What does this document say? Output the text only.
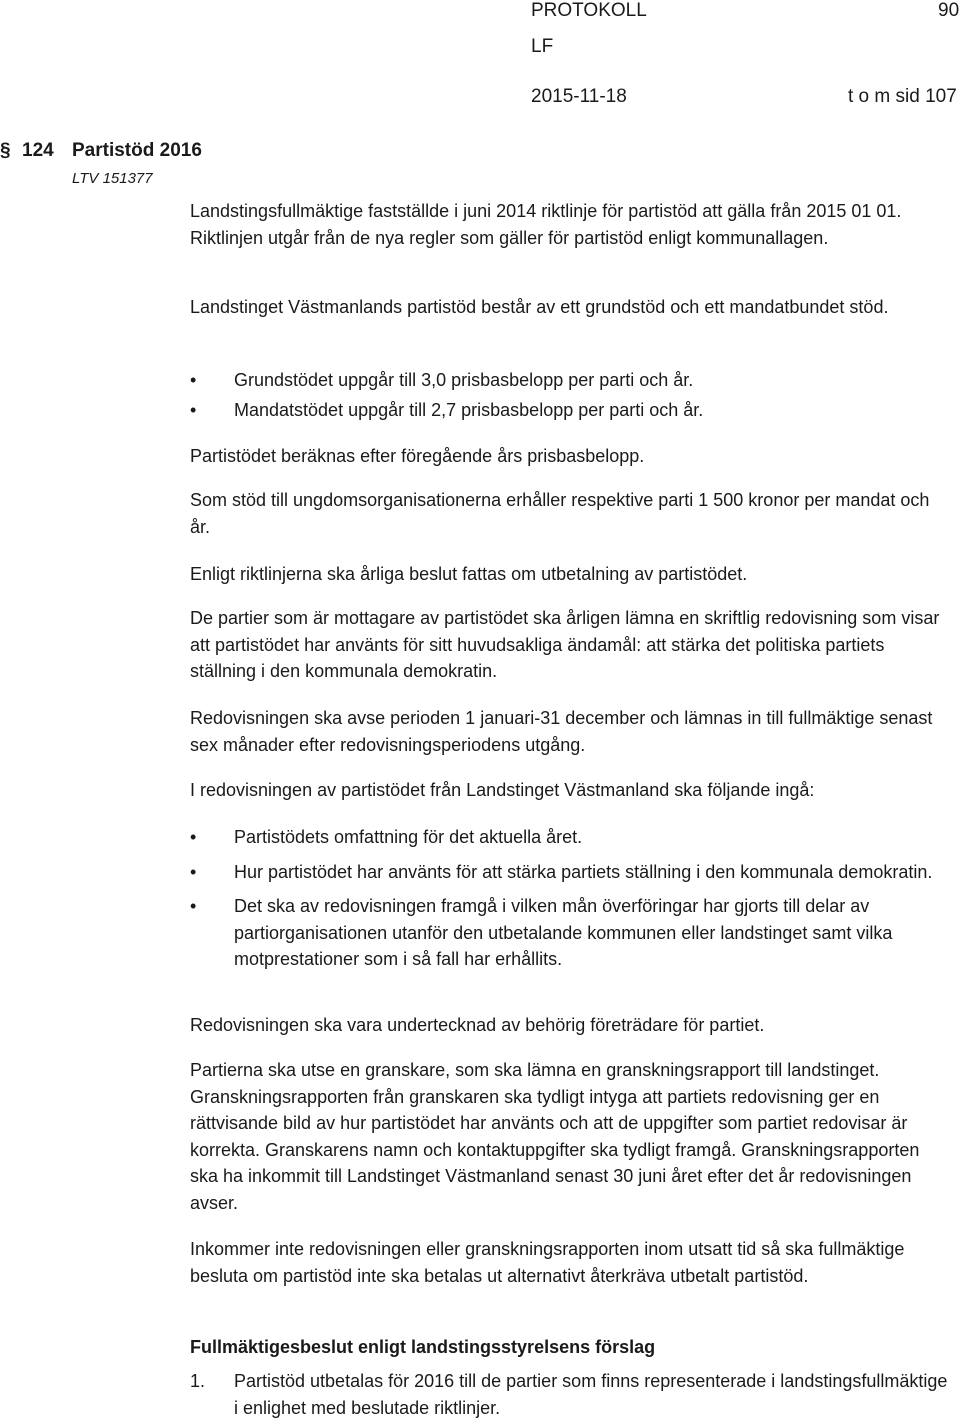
PROTOKOLL	90
LF
2015-11-18	t o m sid 107
§ 124 Partistöd 2016
LTV 151377

Landstingsfullmäktige fastställde i juni 2014 riktlinje för partistöd att gälla från 2015 01 01. Riktlinjen utgår från de nya regler som gäller för partistöd enligt kommunallagen.

Landstinget Västmanlands partistöd består av ett grundstöd och ett mandatbundet stöd.

• Grundstödet uppgår till 3,0 prisbasbelopp per parti och år.
• Mandatstödet uppgår till 2,7 prisbasbelopp per parti och år.

Partistödet beräknas efter föregående års prisbasbelopp.

Som stöd till ungdomsorganisationerna erhåller respektive parti 1 500 kronor per mandat och år.

Enligt riktlinjerna ska årliga beslut fattas om utbetalning av partistödet.

De partier som är mottagare av partistödet ska årligen lämna en skriftlig redovisning som visar att partistödet har använts för sitt huvudsakliga ändamål: att stärka det politiska partiets ställning i den kommunala demokratin.

Redovisningen ska avse perioden 1 januari-31 december och lämnas in till fullmäktige senast sex månader efter redovisningsperiodens utgång.

I redovisningen av partistödet från Landstinget Västmanland ska följande ingå:

• Partistödets omfattning för det aktuella året.
• Hur partistödet har använts för att stärka partiets ställning i den kommunala demokratin.
• Det ska av redovisningen framgå i vilken mån överföringar har gjorts till delar av partiorganisationen utanför den utbetalande kommunen eller landstinget samt vilka motprestationer som i så fall har erhållits.

Redovisningen ska vara undertecknad av behörig företrädare för partiet.

Partierna ska utse en granskare, som ska lämna en granskningsrapport till landstinget. Granskningsrapporten från granskaren ska tydligt intyga att partiets redovisning ger en rättvisande bild av hur partistödet har använts och att de uppgifter som partiet redovisar är korrekta. Granskarens namn och kontaktuppgifter ska tydligt framgå. Granskningsrapporten ska ha inkommit till Landstinget Västmanland senast 30 juni året efter det år redovisningen avser.

Inkommer inte redovisningen eller granskningsrapporten inom utsatt tid så ska fullmäktige besluta om partistöd inte ska betalas ut alternativt återkräva utbetalt partistöd.

Fullmäktigesbeslut enligt landstingsstyrelsens förslag

1. Partistöd utbetalas för 2016 till de partier som finns representerade i landstingsfullmäktige i enlighet med beslutade riktlinjer.
